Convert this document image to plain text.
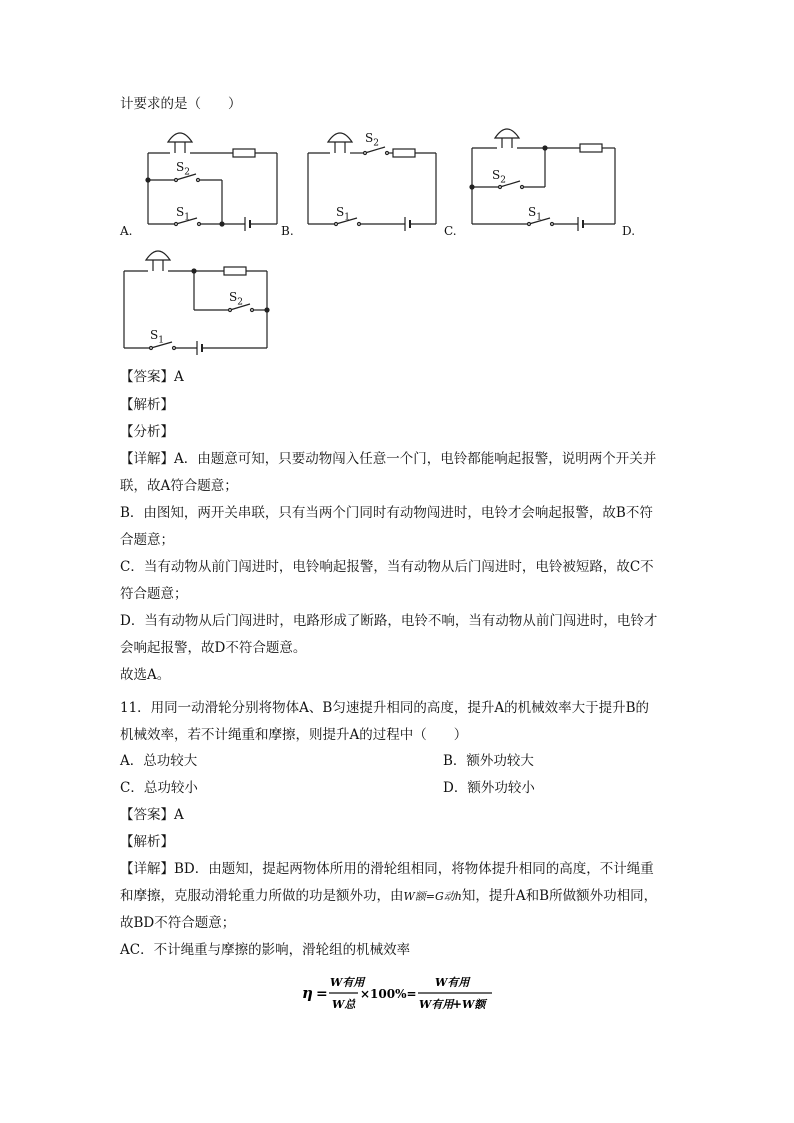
计要求的是（　　）
$S_2$
$S_1$
$S_2$
$S_1$
$S_2$
$S_1$
$S_2$
$S_1$
A.	B.	C.	D.
【答案】A
【解析】
【分析】
【详解】A．由题意可知，只要动物闯入任意一个门，电铃都能响起报警，说明两个开关并
联，故A符合题意；
B．由图知，两开关串联，只有当两个门同时有动物闯进时，电铃才会响起报警，故B不符
合题意；
C．当有动物从前门闯进时，电铃响起报警，当有动物从后门闯进时，电铃被短路，故C不
符合题意；
D．当有动物从后门闯进时，电路形成了断路，电铃不响，当有动物从前门闯进时，电铃才
会响起报警，故D不符合题意。
故选A。
11．用同一动滑轮分别将物体A、B匀速提升相同的高度，提升A的机械效率大于提升B的
机械效率，若不计绳重和摩擦，则提升A的过程中（　　）
A．总功较大	B．额外功较大
C．总功较小	D．额外功较小
【答案】A
【解析】
【详解】BD．由题知，提起两物体所用的滑轮组相同，将物体提升相同的高度，不计绳重
和摩擦，克服动滑轮重力所做的功是额外功，由W额=G动h知，提升A和B所做额外功相同，
故BD不符合题意；
AC．不计绳重与摩擦的影响，滑轮组的机械效率
η =
W有用
W总
×100%=
W有用
W有用
+ W额
